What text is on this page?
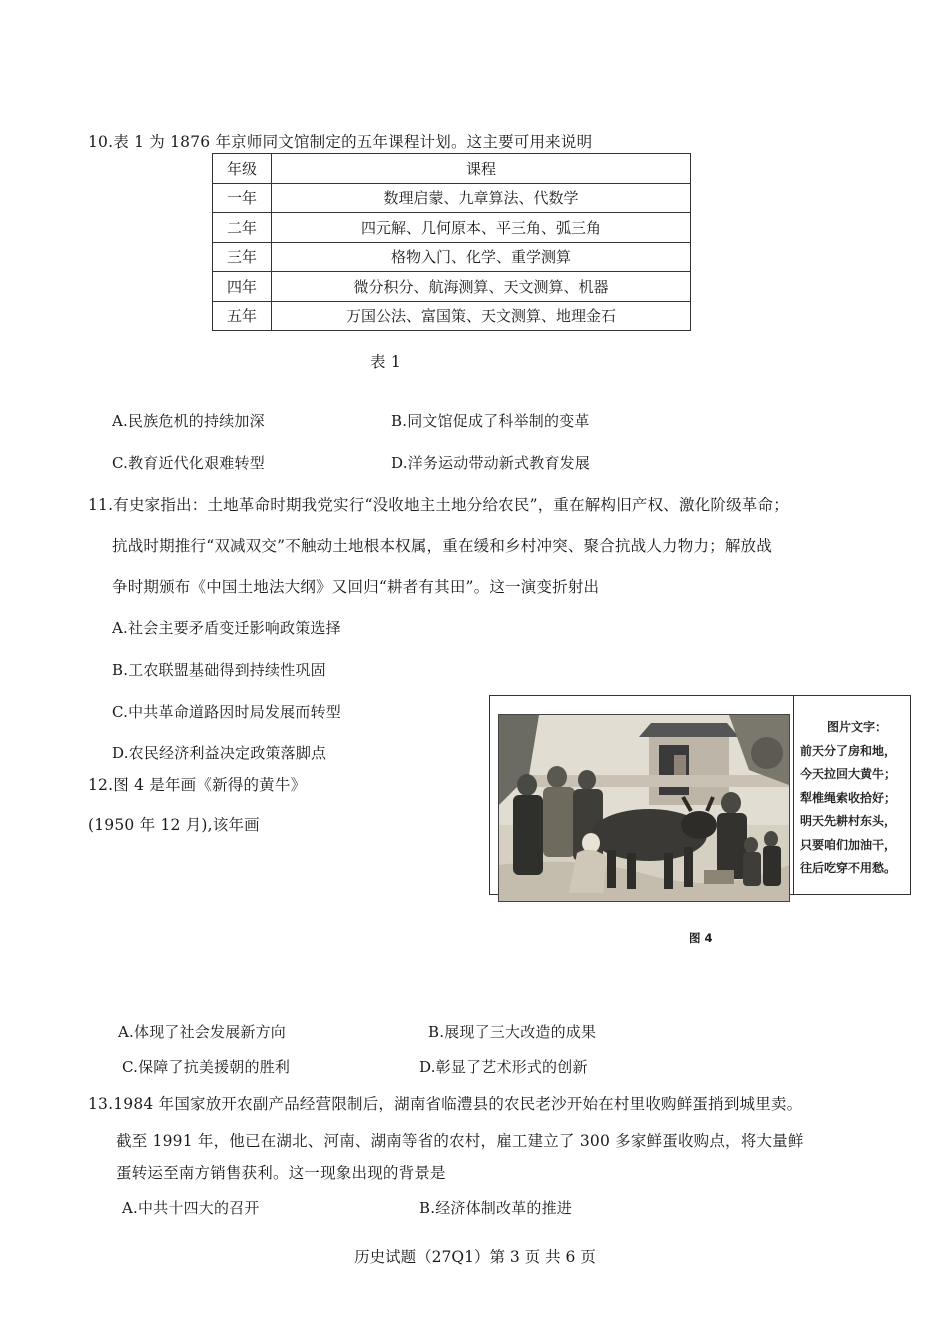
10.表 1 为 1876 年京师同文馆制定的五年课程计划。这主要可用来说明
年级	课程
一年	数理启蒙、九章算法、代数学
二年	四元解、几何原本、平三角、弧三角
三年	格物入门、化学、重学测算
四年	微分积分、航海测算、天文测算、机器
五年	万国公法、富国策、天文测算、地理金石
表 1
A.民族危机的持续加深	B.同文馆促成了科举制的变革
C.教育近代化艰难转型	D.洋务运动带动新式教育发展
11.有史家指出：土地革命时期我党实行“没收地主土地分给农民”，重在解构旧产权、激化阶级革命；
抗战时期推行“双减双交”不触动土地根本权属，重在缓和乡村冲突、聚合抗战人力物力；解放战
争时期颁布《中国土地法大纲》又回归“耕者有其田”。这一演变折射出
A.社会主要矛盾变迁影响政策选择
B.工农联盟基础得到持续性巩固
C.中共革命道路因时局发展而转型
D.农民经济利益决定政策落脚点
12.图 4 是年画《新得的黄牛》
(1950 年 12 月),该年画
图片文字：
前天分了房和地，
今天拉回大黄牛；
犁椎绳索收拾好；
明天先耕村东头，
只要咱们加油干，
往后吃穿不用愁。
图 4
A.体现了社会发展新方向	B.展现了三大改造的成果
C.保障了抗美援朝的胜利	D.彰显了艺术形式的创新
13.1984 年国家放开农副产品经营限制后，湖南省临澧县的农民老沙开始在村里收购鲜蛋捎到城里卖。
截至 1991 年，他已在湖北、河南、湖南等省的农村，雇工建立了 300 多家鲜蛋收购点，将大量鲜
蛋转运至南方销售获利。这一现象出现的背景是
A.中共十四大的召开	B.经济体制改革的推进
历史试题（27Q1）第 3 页 共 6 页
